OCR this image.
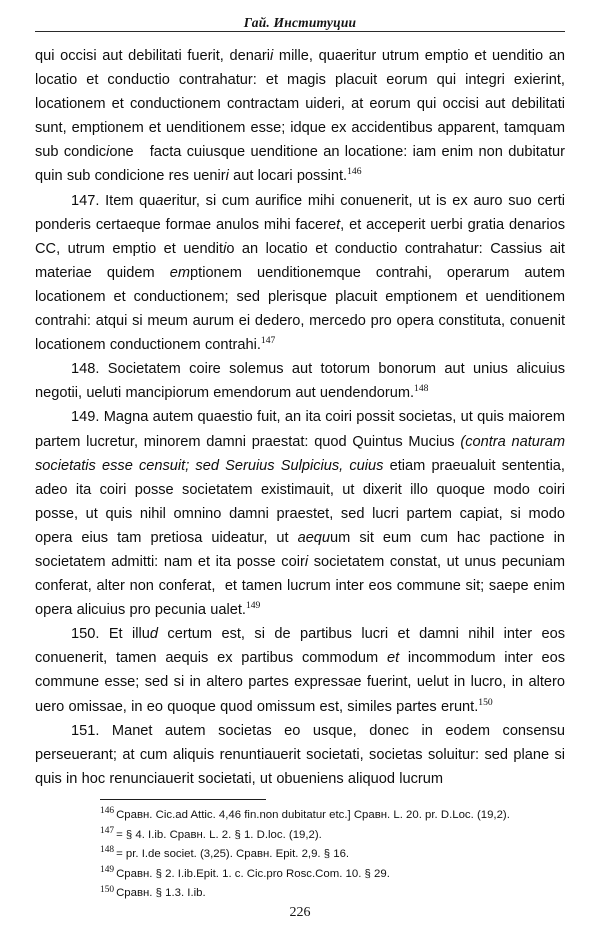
Гай. Институции

qui occisi aut debilitati fuerit, denarii mille, quaeritur utrum emptio et uenditio an locatio et conductio contrahatur: et magis placuit eorum qui integri exierint, locationem et conductionem contractam uideri, at eorum qui occisi aut debilitati sunt, emptionem et uenditionem esse; idque ex accidentibus apparent, tamquam sub condicione   facta cuiusque uenditione an locatione: iam enim non dubitatur quin sub condicione res ueniri aut locari possint.$^{146}$

147. Item quaeritur, si cum aurifice mihi conuenerit, ut is ex auro suo certi ponderis certaeque formae anulos mihi faceret, et acceperit uerbi gratia denarios CC, utrum emptio et uenditio an locatio et conductio contrahatur: Cassius ait materiae quidem emptionem uenditionemque contrahi, operarum autem locationem et conductionem; sed plerisque placuit emptionem et uenditionem contrahi: atqui si meum aurum ei dedero, mercedo pro opera constituta, conuenit locationem conductionem contrahi.$^{147}$

148. Societatem coire solemus aut totorum bonorum aut unius alicuius negotii, ueluti mancipiorum emendorum aut uendendorum.$^{148}$

149. Magna autem quaestio fuit, an ita coiri possit societas, ut quis maiorem partem lucretur, minorem damni praestat: quod Quintus Mucius (contra naturam societatis esse censuit; sed Seruius Sulpicius, cuius etiam praeualuit sententia, adeo ita coiri posse societatem existimauit, ut dixerit illo quoque modo coiri posse, ut quis nihil omnino damni praestet, sed lucri partem capiat, si modo opera eius tam pretiosa uideatur, ut aequum sit eum cum hac pactione in societatem admitti: nam et ita posse coiri societatem constat, ut unus pecuniam conferat, alter non conferat,  et tamen lucrum inter eos commune sit; saepe enim opera alicuius pro pecunia ualet.$^{149}$

150. Et illud certum est, si de partibus lucri et damni nihil inter eos conuenerit, tamen aequis ex partibus commodum et incommodum inter eos commune esse; sed si in altero partes expressae fuerint, uelut in lucro, in altero uero omissae, in eo quoque quod omissum est, similes partes erunt.$^{150}$

151. Manet autem societas eo usque, donec in eodem consensu perseuerant; at cum aliquis renuntiauerit societati, societas soluitur: sed plane si quis in hoc renunciauerit societati, ut obueniens aliquod lucrum

$^{146}$ Сравн. Cic.ad Attic. 4,46 fin.non dubitatur etc.] Сравн. L. 20. pr. D.Loc. (19,2).
$^{147}$ = § 4. I.ib. Сравн. L. 2. § 1. D.loc. (19,2).
$^{148}$ = pr. I.de societ. (3,25). Сравн. Epit. 2,9. § 16.
$^{149}$ Сравн. § 2. I.ib.Epit. 1. c. Cic.pro Rosc.Com. 10. § 29.
$^{150}$ Сравн. § 1.3. I.ib.
226
